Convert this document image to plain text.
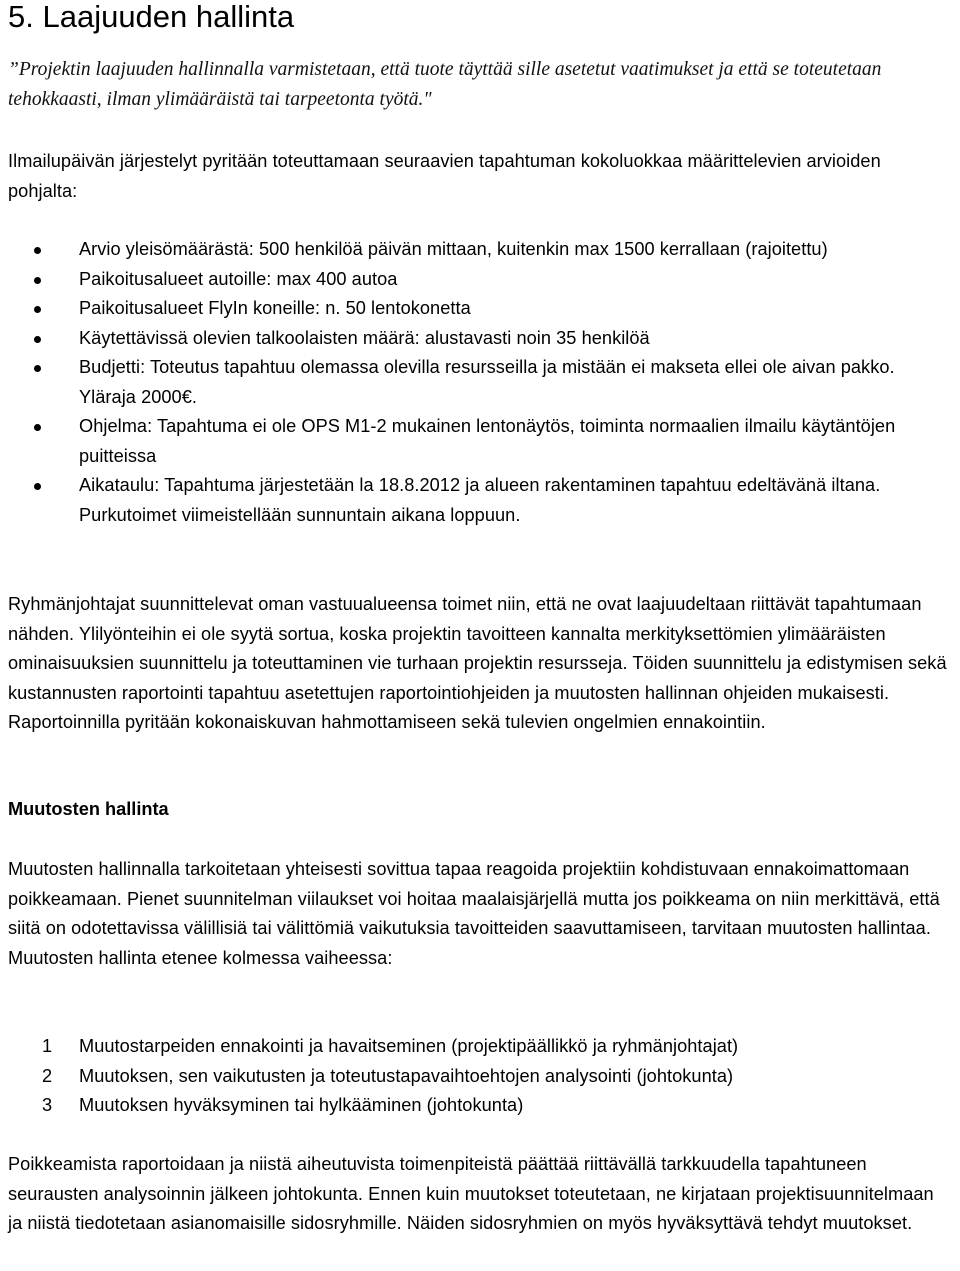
5. Laajuuden hallinta

”Projektin laajuuden hallinnalla varmistetaan, että tuote täyttää sille asetetut vaatimukset ja että se toteutetaan tehokkaasti, ilman ylimääräistä tai tarpeetonta työtä."

Ilmailupäivän järjestelyt pyritään toteuttamaan seuraavien tapahtuman kokoluokkaa määrittelevien arvioiden pohjalta:

Arvio yleisömäärästä: 500 henkilöä päivän mittaan, kuitenkin max 1500 kerrallaan (rajoitettu)
Paikoitusalueet autoille: max 400 autoa
Paikoitusalueet FlyIn koneille: n. 50 lentokonetta
Käytettävissä olevien talkoolaisten määrä: alustavasti noin 35 henkilöä
Budjetti: Toteutus tapahtuu olemassa olevilla resursseilla ja mistään ei makseta ellei ole aivan pakko. Yläraja 2000€.
Ohjelma: Tapahtuma ei ole OPS M1-2 mukainen lentonäytös, toiminta normaalien ilmailu käytäntöjen puitteissa
Aikataulu: Tapahtuma järjestetään la 18.8.2012 ja alueen rakentaminen tapahtuu edeltävänä iltana. Purkutoimet viimeistellään sunnuntain aikana loppuun.

Ryhmänjohtajat suunnittelevat oman vastuualueensa toimet niin, että ne ovat laajuudeltaan riittävät tapahtumaan nähden. Ylilyönteihin ei ole syytä sortua, koska projektin tavoitteen kannalta merkityksettömien ylimääräisten ominaisuuksien suunnittelu ja toteuttaminen vie turhaan projektin resursseja. Töiden suunnittelu ja edistymisen sekä kustannusten raportointi tapahtuu asetettujen raportointiohjeiden ja muutosten hallinnan ohjeiden mukaisesti. Raportoinnilla pyritään kokonaiskuvan hahmottamiseen sekä tulevien ongelmien ennakointiin.

Muutosten hallinta

Muutosten hallinnalla tarkoitetaan yhteisesti sovittua tapaa reagoida projektiin kohdistuvaan ennakoimattomaan poikkeamaan. Pienet suunnitelman viilaukset voi hoitaa maalaisjärjellä mutta jos poikkeama on niin merkittävä, että siitä on odotettavissa välillisiä tai välittömiä vaikutuksia tavoitteiden saavuttamiseen, tarvitaan muutosten hallintaa. Muutosten hallinta etenee kolmessa vaiheessa:

1 Muutostarpeiden ennakointi ja havaitseminen (projektipäällikkö ja ryhmänjohtajat)
2 Muutoksen, sen vaikutusten ja toteutustapavaihtoehtojen analysointi (johtokunta)
3 Muutoksen hyväksyminen tai hylkääminen (johtokunta)

Poikkeamista raportoidaan ja niistä aiheutuvista toimenpiteistä päättää riittävällä tarkkuudella tapahtuneen seurausten analysoinnin jälkeen johtokunta. Ennen kuin muutokset toteutetaan, ne kirjataan projektisuunnitelmaan ja niistä tiedotetaan asianomaisille sidosryhmille. Näiden sidosryhmien on myös hyväksyttävä tehdyt muutokset.
